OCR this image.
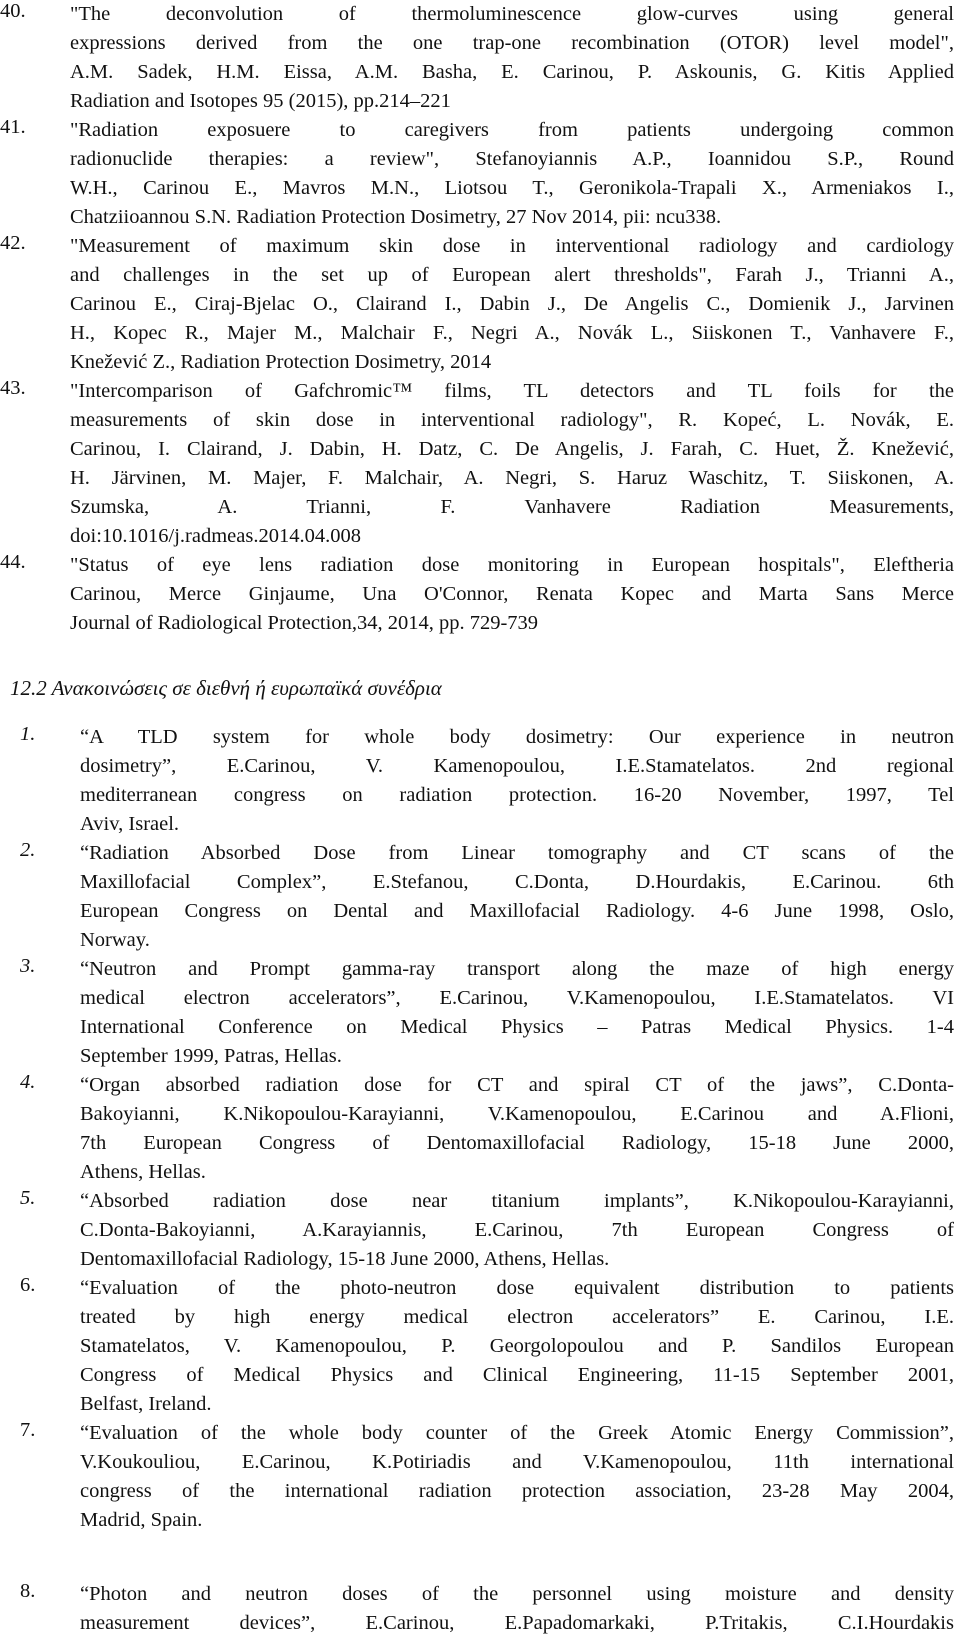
40.	"The deconvolution of thermoluminescence glow-curves using general
expressions derived from the one trap-one recombination (OTOR) level model",
A.M. Sadek, H.M. Eissa, A.M. Basha, E. Carinou, P. Askounis, G. Kitis Applied
Radiation and Isotopes 95 (2015), pp.214–221
41.	"Radiation exposuere to caregivers from patients undergoing common
radionuclide therapies: a review", Stefanoyiannis A.P., Ioannidou S.P., Round
W.H., Carinou E., Mavros M.N., Liotsou T., Geronikola-Trapali X., Armeniakos I.,
Chatziioannou S.N. Radiation Protection Dosimetry, 27 Nov 2014, pii: ncu338.
42.	"Measurement of maximum skin dose in interventional radiology and cardiology
and challenges in the set up of European alert thresholds", Farah J., Trianni A.,
Carinou E., Ciraj-Bjelac O., Clairand I., Dabin J., De Angelis C., Domienik J., Jarvinen
H., Kopec R., Majer M., Malchair F., Negri A., Novák L., Siiskonen T., Vanhavere F.,
Knežević Z., Radiation Protection Dosimetry, 2014
43.	"Intercomparison of Gafchromic™ films, TL detectors and TL foils for the
measurements of skin dose in interventional radiology", R. Kopeć, L. Novák, E.
Carinou, I. Clairand, J. Dabin, H. Datz, C. De Angelis, J. Farah, C. Huet, Ž. Knežević,
H. Järvinen, M. Majer, F. Malchair, A. Negri, S. Haruz Waschitz, T. Siiskonen, A.
Szumska, A. Trianni, F. Vanhavere Radiation Measurements,
doi:10.1016/j.radmeas.2014.04.008
44.	"Status of eye lens radiation dose monitoring in European hospitals", Eleftheria
Carinou, Merce Ginjaume, Una O'Connor, Renata Kopec and Marta Sans Merce
Journal of Radiological Protection,34, 2014, pp. 729-739
12.2 Ανακοινώσεις σε διεθνή ή ευρωπαϊκά συνέδρια
1.	“A TLD system for whole body dosimetry: Our experience in neutron
dosimetry”, E.Carinou, V. Kamenopoulou, I.E.Stamatelatos. 2nd regional
mediterranean congress on radiation protection. 16-20 November, 1997, Tel
Aviv, Israel.
2.	“Radiation Absorbed Dose from Linear tomography and CT scans of the
Maxillofacial Complex”, E.Stefanou, C.Donta, D.Hourdakis, E.Carinou. 6th
European Congress on Dental and Maxillofacial Radiology. 4-6 June 1998, Oslo,
Norway.
3.	“Neutron and Prompt gamma-ray transport along the maze of high energy
medical electron accelerators”, E.Carinou, V.Kamenopoulou, I.E.Stamatelatos. VI
International Conference on Medical Physics – Patras Medical Physics. 1-4
September 1999, Patras, Hellas.
4.	“Organ absorbed radiation dose for CT and spiral CT of the jaws”, C.Donta-
Bakoyianni, K.Nikopoulou-Karayianni, V.Kamenopoulou, E.Carinou and A.Flioni,
7th European Congress of Dentomaxillofacial Radiology, 15-18 June 2000,
Athens, Hellas.
5.	“Absorbed radiation dose near titanium implants”, K.Nikopoulou-Karayianni,
C.Donta-Bakoyianni, A.Karayiannis, E.Carinou, 7th European Congress of
Dentomaxillofacial Radiology, 15-18 June 2000, Athens, Hellas.
6.	“Evaluation of the photo-neutron dose equivalent distribution to patients
treated by high energy medical electron accelerators” E. Carinou, I.E.
Stamatelatos, V. Kamenopoulou, P. Georgolopoulou and P. Sandilos European
Congress of Medical Physics and Clinical Engineering, 11-15 September 2001,
Belfast, Ireland.
7.	“Evaluation of the whole body counter of the Greek Atomic Energy Commission”,
V.Koukouliou, E.Carinou, K.Potiriadis and V.Kamenopoulou, 11th international
congress of the international radiation protection association, 23-28 May 2004,
Madrid, Spain.
8.	“Photon and neutron doses of the personnel using moisture and density
measurement devices”, E.Carinou, E.Papadomarkaki, P.Tritakis, C.I.Hourdakis
